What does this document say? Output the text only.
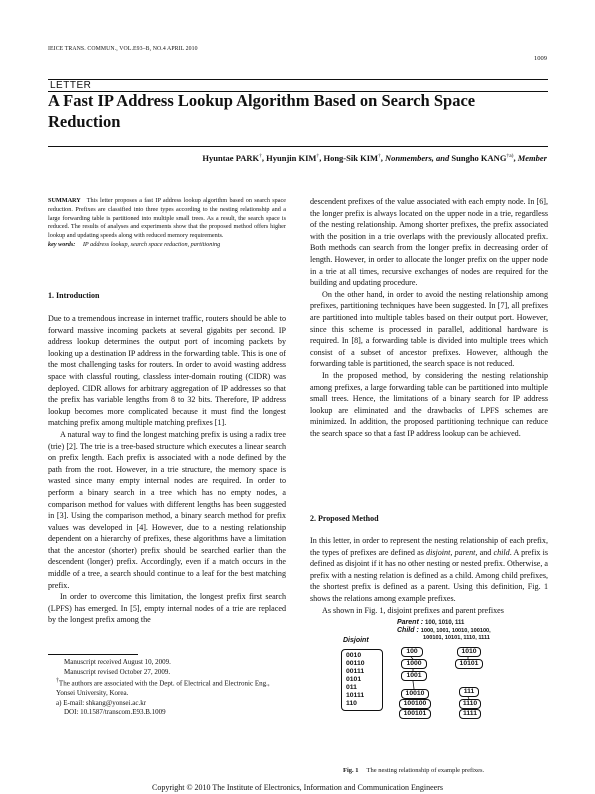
IEICE TRANS. COMMUN., VOL.E93–B, NO.4 APRIL 2010
1009
LETTER
A Fast IP Address Lookup Algorithm Based on Search Space Reduction
Hyuntae PARK†, Hyunjin KIM†, Hong-Sik KIM†, Nonmembers, and Sungho KANG$^{\dagger a)}$, Member
SUMMARY This letter proposes a fast IP address lookup algorithm based on search space reduction. Prefixes are classified into three types according to the nesting relationship and a large forwarding table is partitioned into multiple small trees. As a result, the search space is reduced. The results of analyses and experiments show that the proposed method offers higher lookup and updating speeds along with reduced memory requirements.
key words: IP address lookup, search space reduction, partitioning
1. Introduction

Due to a tremendous increase in internet traffic, routers should be able to forward massive incoming packets at several gigabits per second. IP address lookup determines the output port of incoming packets by looking up a destination IP address in the forwarding table. This is one of the most challenging tasks for routers. In order to avoid wasting address space with classful routing, classless inter-domain routing (CIDR) was deployed. CIDR allows for arbitrary aggregation of IP addresses so that the prefix has variable lengths from 8 to 32 bits. Therefore, IP address lookup becomes more complicated because it must find the longest matching prefix among multiple matching prefixes [1].

A natural way to find the longest matching prefix is using a radix tree (trie) [2]. The trie is a tree-based structure which executes a linear search on prefix length. Each prefix is associated with a node defined by the path from the root. However, in a trie structure, the memory space is wasted since many empty internal nodes are required. In order to perform a binary search in a tree which has no empty nodes, a comparison method for values with different lengths has been suggested in [3]. Using the comparison method, a binary search method for prefix values was developed in [4]. However, due to a nesting relationship dependent on a hierarchy of prefixes, these algorithms have a limitation that the ancestor (shorter) prefix should be searched earlier than the descendent (longer) prefix. Accordingly, even if a match occurs in the middle of a tree, a search should continue to a leaf for the best matching prefix.

In order to overcome this limitation, the longest prefix first search (LPFS) has emerged. In [5], empty internal nodes of a trie are replaced by the longest prefix among the

Manuscript received August 10, 2009.
Manuscript revised October 27, 2009.
†The authors are associated with the Dept. of Electrical and Electronic Eng., Yonsei University, Korea.
a) E-mail: shkang@yonsei.ac.kr
DOI: 10.1587/transcom.E93.B.1009

descendent prefixes of the value associated with each empty node. In [6], the longer prefix is always located on the upper node in a trie, regardless of the nesting relationship. Among shorter prefixes, the prefix associated with the position in a trie overlaps with the previously allocated prefix. Both methods can search from the longer prefix in decreasing order of length. However, in order to allocate the longer prefix on the upper node in a trie at all times, recursive exchanges of nodes are required for the building and updating procedure.

On the other hand, in order to avoid the nesting relationship among prefixes, partitioning techniques have been suggested. In [7], all prefixes are partitioned into multiple tables based on their output port. However, since this scheme is processed in parallel, additional hardware is required. In [8], a forwarding table is divided into multiple trees which consist of a subset of ancestor prefixes. However, although the forwarding table is partitioned, the search space is not reduced.

In the proposed method, by considering the nesting relationship among prefixes, a large forwarding table can be partitioned into multiple small trees. Hence, the limitations of a binary search for IP address lookup are eliminated and the drawbacks of LPFS schemes are minimized. In addition, the proposed partitioning technique can reduce the search space so that a fast IP address lookup can be achieved.

2. Proposed Method

In this letter, in order to represent the nesting relationship of each prefix, the types of prefixes are defined as disjoint, parent, and child. A prefix is defined as disjoint if it has no other nesting or nested prefix. Otherwise, a prefix with a nesting relation is defined as a child. Among child prefixes, the shortest prefix is defined as a parent. Using this definition, Fig. 1 shows the relations among example prefixes.

As shown in Fig. 1, disjoint prefixes and parent prefixes

Disjoint
0010
00110
00111
0101
011
10111
110
Parent : 100, 1010, 111
Child : 1000, 1001, 10010, 100100,
100101, 10101, 1110, 1111
100
1000
1001
10010
100100
100101
1010
10101
111
1110
1111
Fig. 1 The nesting relationship of example prefixes.
Copyright © 2010 The Institute of Electronics, Information and Communication Engineers
